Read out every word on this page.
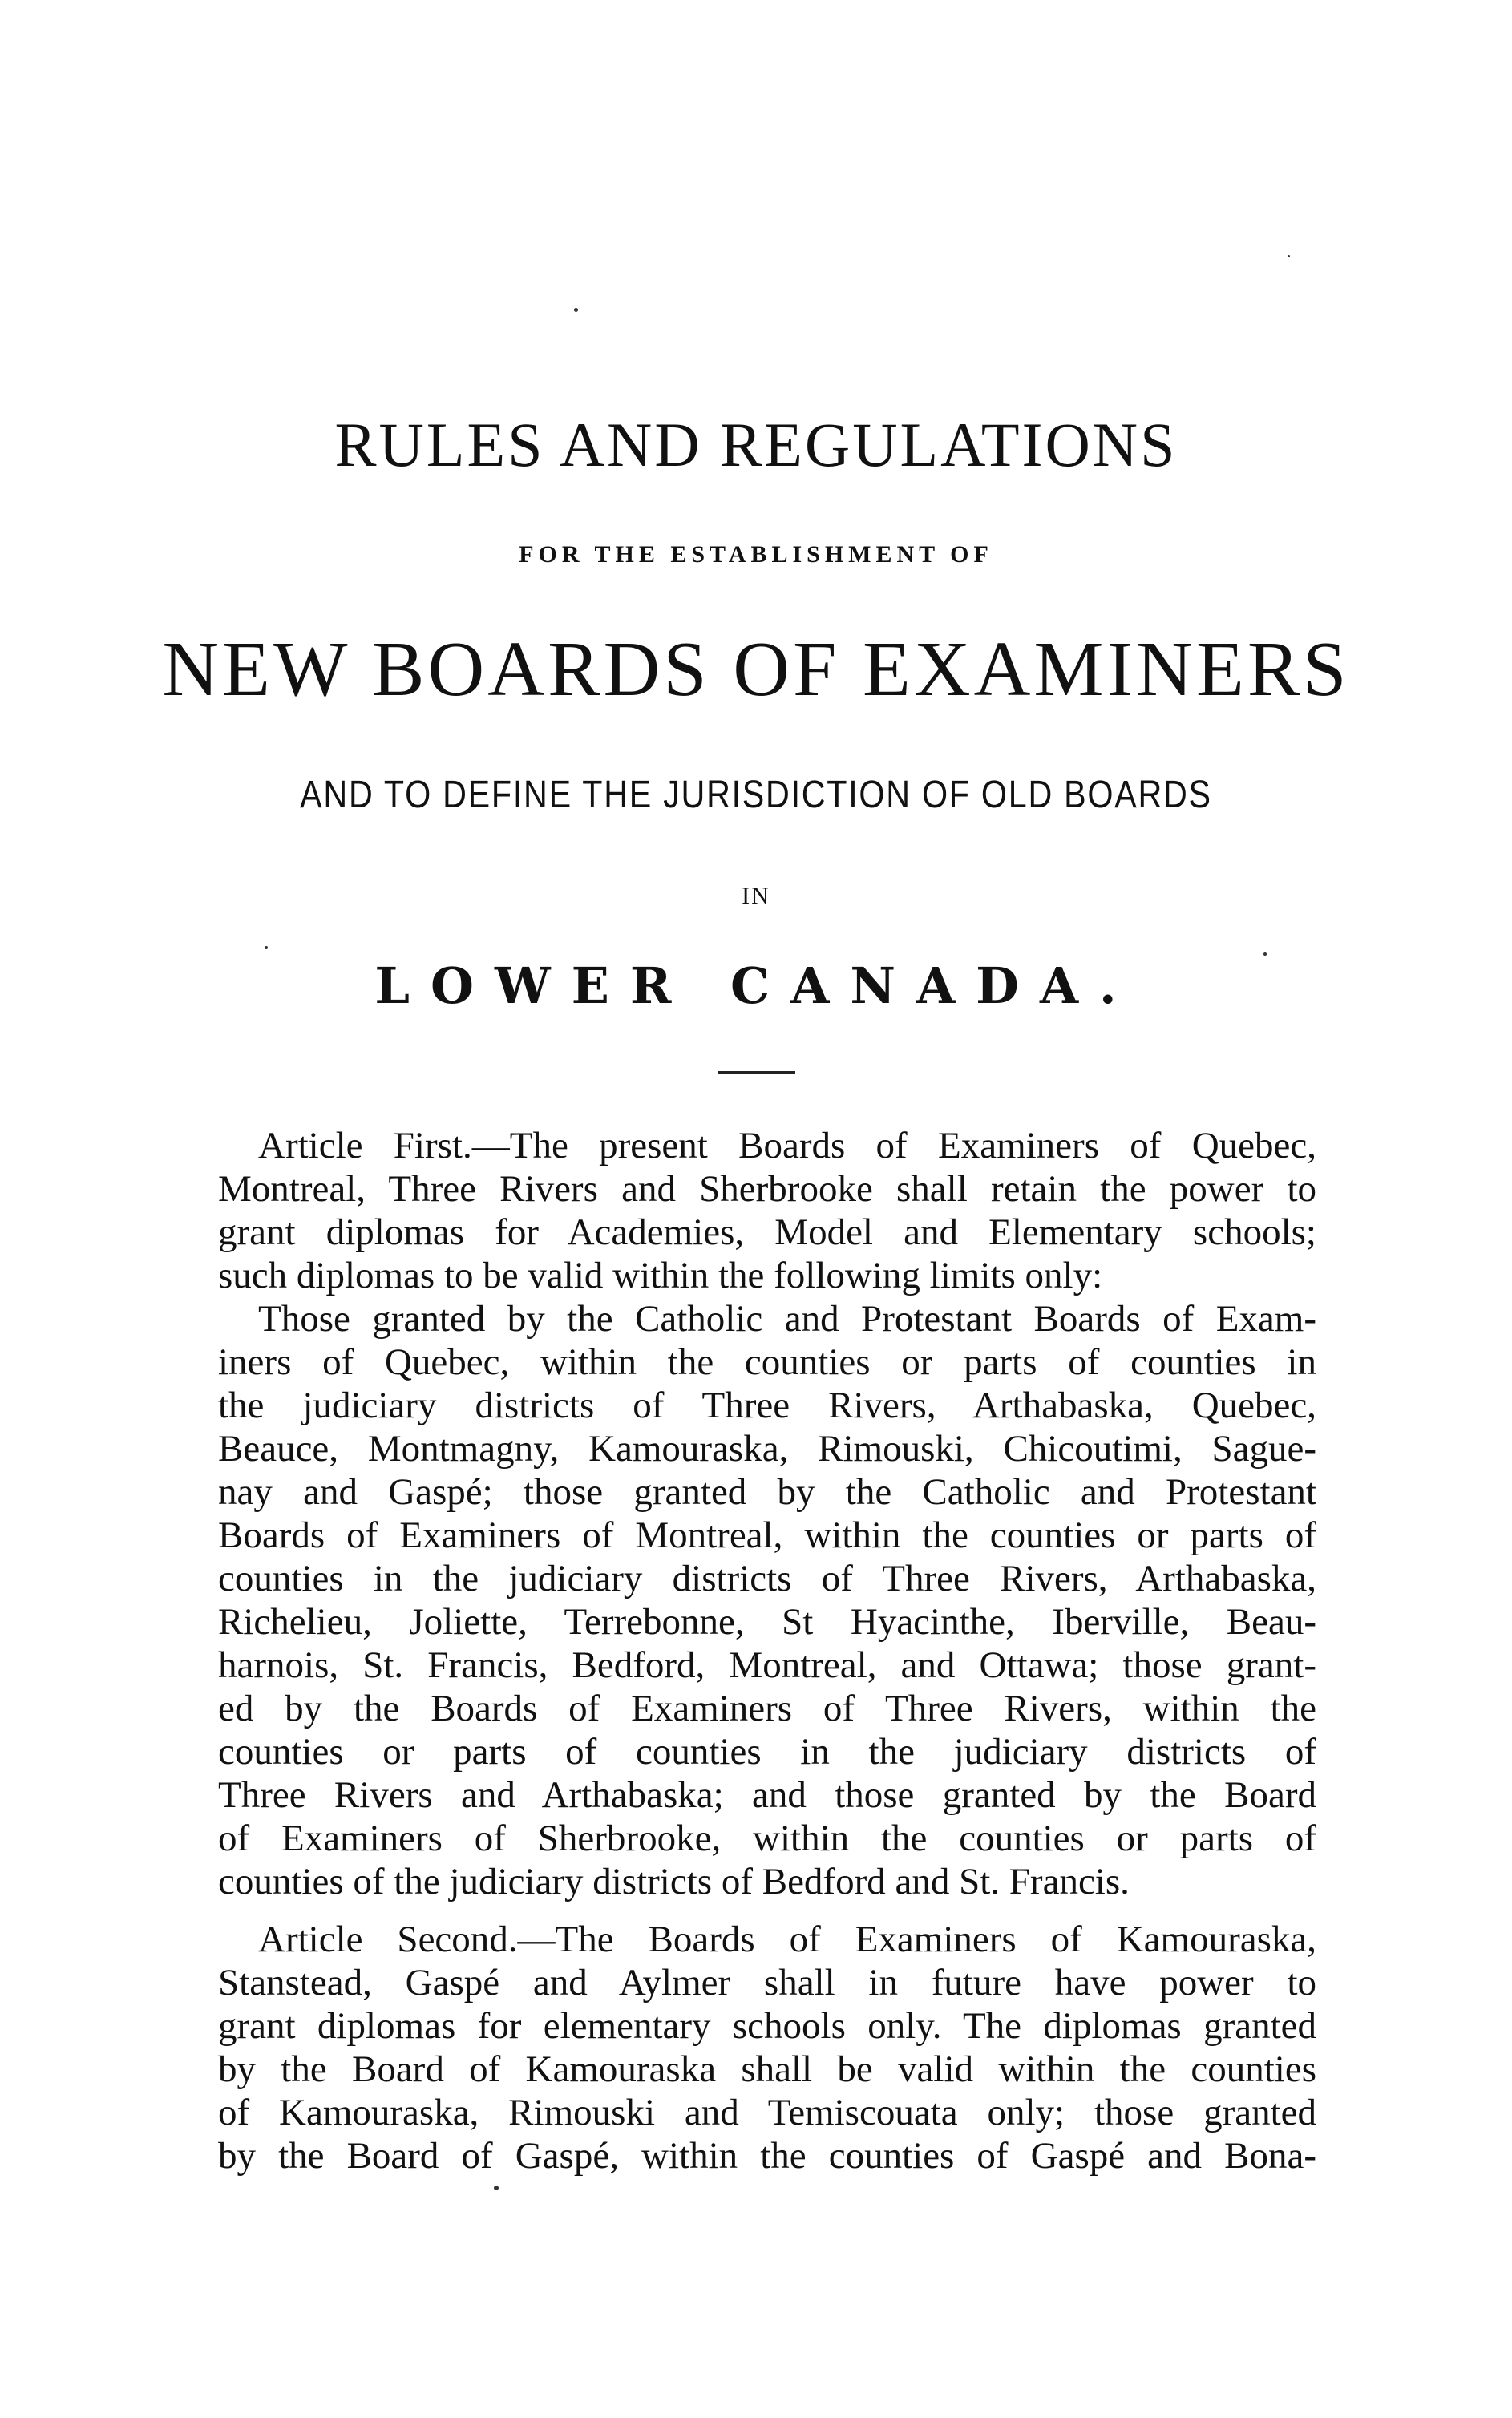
RULES AND REGULATIONS
FOR THE ESTABLISHMENT OF
NEW BOARDS OF EXAMINERS
AND TO DEFINE THE JURISDICTION OF OLD BOARDS
IN
LOWER CANADA.
Article First.—The present Boards of Examiners of Quebec,
Montreal, Three Rivers and Sherbrooke shall retain the power to
grant diplomas for Academies, Model and Elementary schools;
such diplomas to be valid within the following limits only:
Those granted by the Catholic and Protestant Boards of Exam-
iners of Quebec, within the counties or parts of counties in
the judiciary districts of Three Rivers, Arthabaska, Quebec,
Beauce, Montmagny, Kamouraska, Rimouski, Chicoutimi, Sague-
nay and Gaspé; those granted by the Catholic and Protestant
Boards of Examiners of Montreal, within the counties or parts of
counties in the judiciary districts of Three Rivers, Arthabaska,
Richelieu, Joliette, Terrebonne, St Hyacinthe, Iberville, Beau-
harnois, St. Francis, Bedford, Montreal, and Ottawa; those grant-
ed by the Boards of Examiners of Three Rivers, within the
counties or parts of counties in the judiciary districts of
Three Rivers and Arthabaska; and those granted by the Board
of Examiners of Sherbrooke, within the counties or parts of
counties of the judiciary districts of Bedford and St. Francis.
Article Second.—The Boards of Examiners of Kamouraska,
Stanstead, Gaspé and Aylmer shall in future have power to
grant diplomas for elementary schools only. The diplomas granted
by the Board of Kamouraska shall be valid within the counties
of Kamouraska, Rimouski and Temiscouata only; those granted
by the Board of Gaspé, within the counties of Gaspé and Bona-
